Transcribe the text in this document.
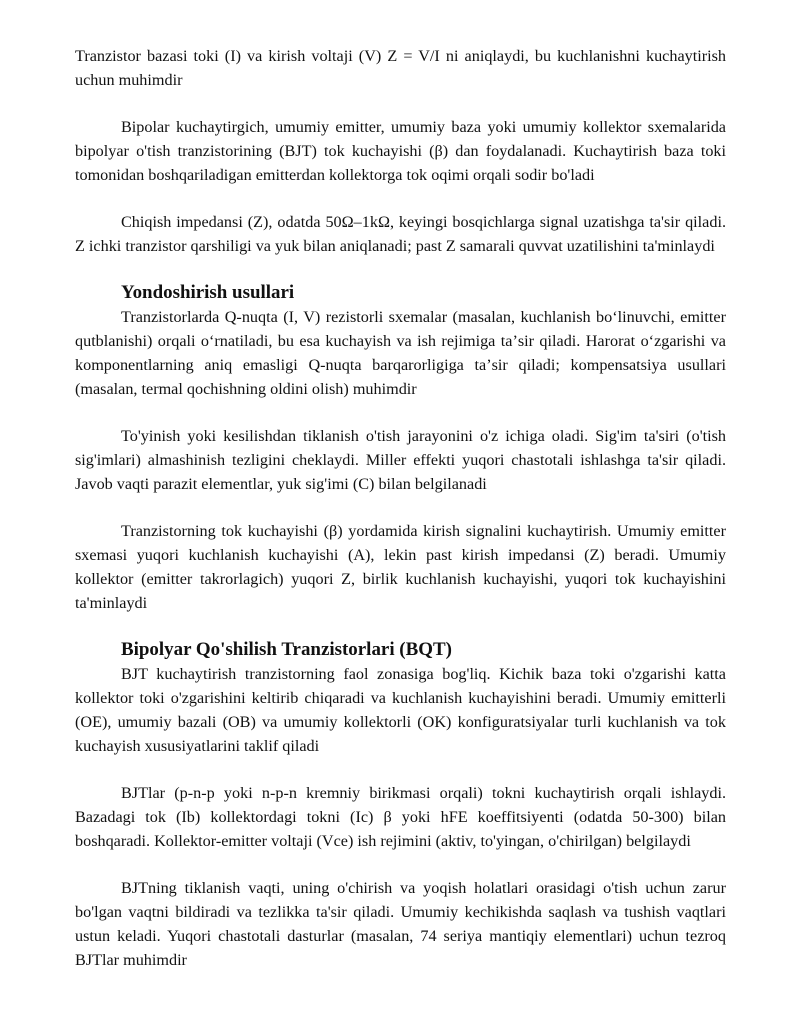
Tranzistor bazasi toki (I) va kirish voltaji (V) Z = V/I ni aniqlaydi, bu kuchlanishni kuchaytirish uchun muhimdir

Bipolar kuchaytirgich, umumiy emitter, umumiy baza yoki umumiy kollektor sxemalarida bipolyar o'tish tranzistorining (BJT) tok kuchayishi (β) dan foydalanadi. Kuchaytirish baza toki tomonidan boshqariladigan emitterdan kollektorga tok oqimi orqali sodir bo'ladi

Chiqish impedansi (Z), odatda 50Ω–1kΩ, keyingi bosqichlarga signal uzatishga ta'sir qiladi. Z ichki tranzistor qarshiligi va yuk bilan aniqlanadi; past Z samarali quvvat uzatilishini ta'minlaydi

Yondoshirish usullari

Tranzistorlarda Q-nuqta (I, V) rezistorli sxemalar (masalan, kuchlanish boʻlinuvchi, emitter qutblanishi) orqali oʻrnatiladi, bu esa kuchayish va ish rejimiga taʼsir qiladi. Harorat oʻzgarishi va komponentlarning aniq emasligi Q-nuqta barqarorligiga taʼsir qiladi; kompensatsiya usullari (masalan, termal qochishning oldini olish) muhimdir

To'yinish yoki kesilishdan tiklanish o'tish jarayonini o'z ichiga oladi. Sig'im ta'siri (o'tish sig'imlari) almashinish tezligini cheklaydi. Miller effekti yuqori chastotali ishlashga ta'sir qiladi. Javob vaqti parazit elementlar, yuk sig'imi (C) bilan belgilanadi

Tranzistorning tok kuchayishi (β) yordamida kirish signalini kuchaytirish. Umumiy emitter sxemasi yuqori kuchlanish kuchayishi (A), lekin past kirish impedansi (Z) beradi. Umumiy kollektor (emitter takrorlagich) yuqori Z, birlik kuchlanish kuchayishi, yuqori tok kuchayishini ta'minlaydi

Bipolyar Qo'shilish Tranzistorlari (BQT)

BJT kuchaytirish tranzistorning faol zonasiga bog'liq. Kichik baza toki o'zgarishi katta kollektor toki o'zgarishini keltirib chiqaradi va kuchlanish kuchayishini beradi. Umumiy emitterli (OE), umumiy bazali (OB) va umumiy kollektorli (OK) konfiguratsiyalar turli kuchlanish va tok kuchayish xususiyatlarini taklif qiladi

BJTlar (p-n-p yoki n-p-n kremniy birikmasi orqali) tokni kuchaytirish orqali ishlaydi. Bazadagi tok (Ib) kollektordagi tokni (Ic) β yoki hFE koeffitsiyenti (odatda 50-300) bilan boshqaradi. Kollektor-emitter voltaji (Vce) ish rejimini (aktiv, to'yingan, o'chirilgan) belgilaydi

BJTning tiklanish vaqti, uning o'chirish va yoqish holatlari orasidagi o'tish uchun zarur bo'lgan vaqtni bildiradi va tezlikka ta'sir qiladi. Umumiy kechikishda saqlash va tushish vaqtlari ustun keladi. Yuqori chastotali dasturlar (masalan, 74 seriya mantiqiy elementlari) uchun tezroq BJTlar muhimdir
